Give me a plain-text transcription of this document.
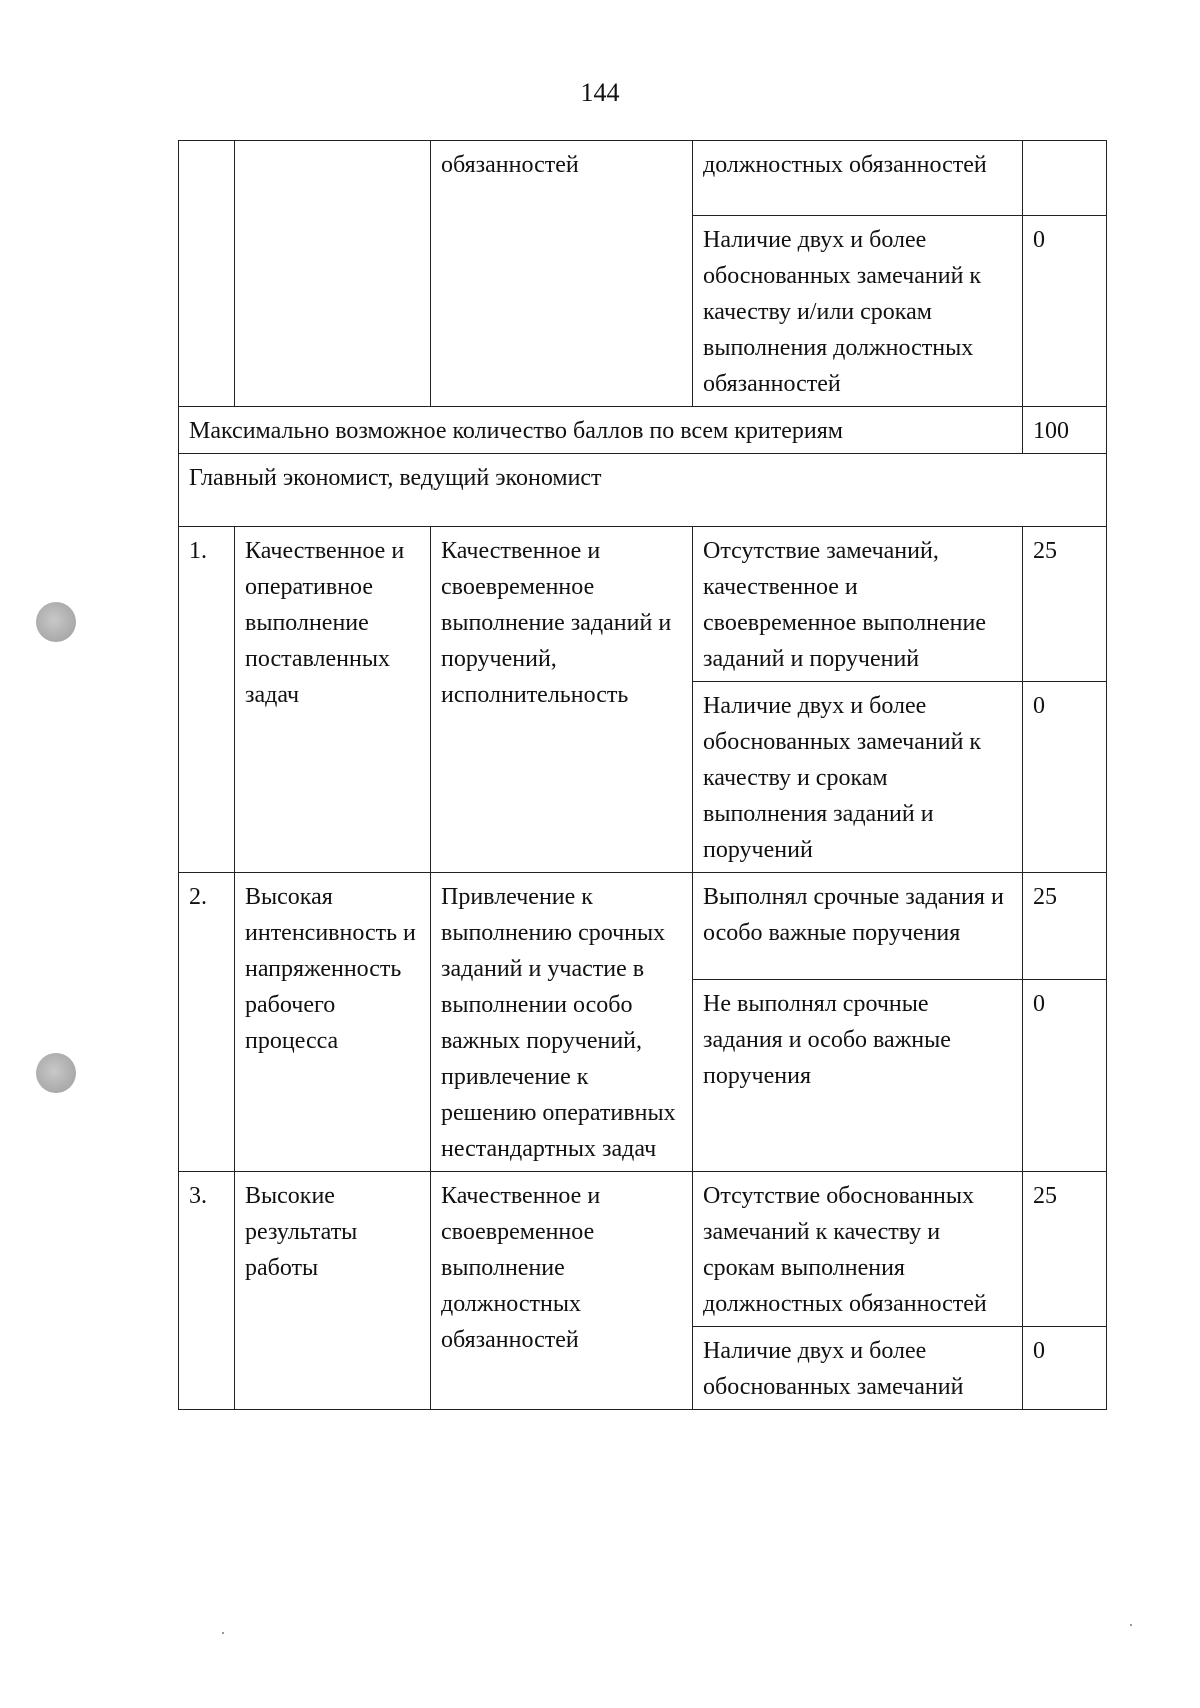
144
		обязанностей	должностных обязанностей	
			Наличие двух и более обоснованных замечаний к качеству и/или срокам выполнения должностных обязанностей	0
Максимально возможное количество баллов по всем критериям				100
Главный экономист, ведущий экономист				
1.	Качественное и оперативное выполнение поставленных задач	Качественное и своевременное выполнение заданий и поручений, исполнительность	Отсутствие замечаний, качественное и своевременное выполнение заданий и поручений	25
			Наличие двух и более обоснованных замечаний к качеству и срокам выполнения заданий и поручений	0
2.	Высокая интенсивность и напряженность рабочего процесса	Привлечение к выполнению срочных заданий и участие в выполнении особо важных поручений, привлечение к решению оперативных нестандартных задач	Выполнял срочные задания и особо важные поручения	25
			Не выполнял срочные задания и особо важные поручения	0
3.	Высокие результаты работы	Качественное и своевременное выполнение должностных обязанностей	Отсутствие обоснованных замечаний к качеству и срокам выполнения должностных обязанностей	25
			Наличие двух и более обоснованных замечаний	0
